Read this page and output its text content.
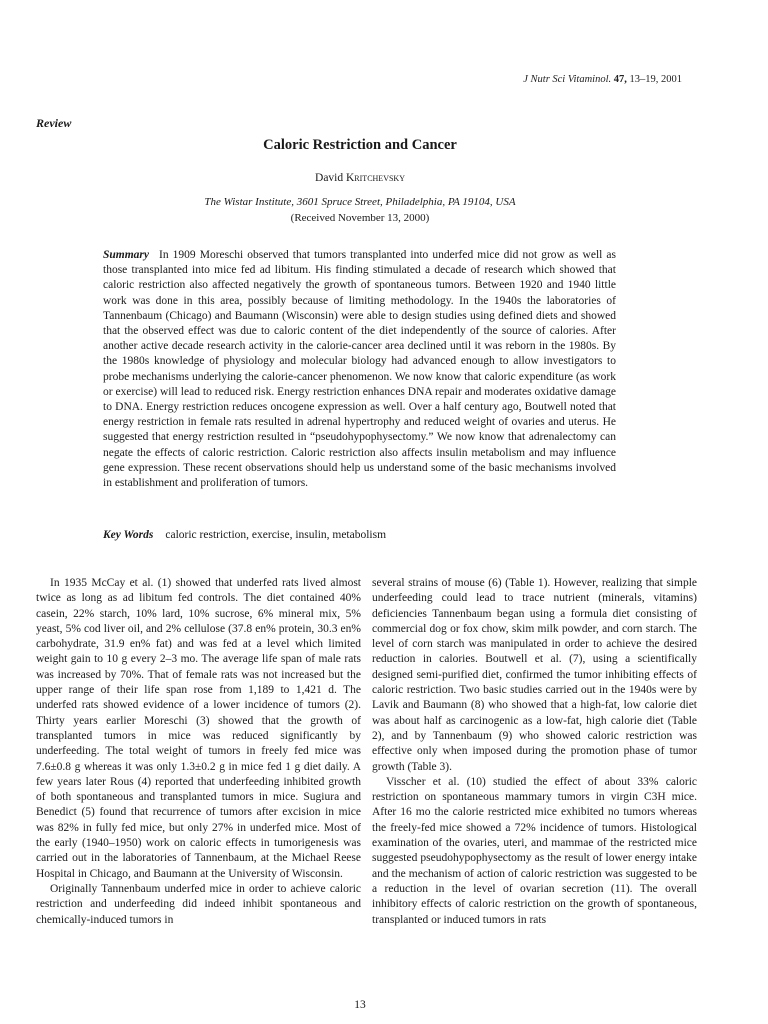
J Nutr Sci Vitaminol. 47, 13–19, 2001
Review
Caloric Restriction and Cancer
David Kritchevsky
The Wistar Institute, 3601 Spruce Street, Philadelphia, PA 19104, USA
(Received November 13, 2000)
Summary In 1909 Moreschi observed that tumors transplanted into underfed mice did not grow as well as those transplanted into mice fed ad libitum. His finding stimulated a decade of research which showed that caloric restriction also affected negatively the growth of spontaneous tumors. Between 1920 and 1940 little work was done in this area, possibly because of limiting methodology. In the 1940s the laboratories of Tannenbaum (Chicago) and Baumann (Wisconsin) were able to design studies using defined diets and showed that the observed effect was due to caloric content of the diet independently of the source of calories. After another active decade research activity in the calorie-cancer area declined until it was reborn in the 1980s. By the 1980s knowledge of physiology and molecular biology had advanced enough to allow investigators to probe mechanisms underlying the calorie-cancer phenomenon. We now know that caloric expenditure (as work or exercise) will lead to reduced risk. Energy restriction enhances DNA repair and moderates oxidative damage to DNA. Energy restriction reduces oncogene expression as well. Over a half century ago, Boutwell noted that energy restriction in female rats resulted in adrenal hypertrophy and reduced weight of ovaries and uterus. He suggested that energy restriction resulted in “pseudohypophysectomy.” We now know that adrenalectomy can negate the effects of caloric restriction. Caloric restriction also affects insulin metabolism and may influence gene expression. These recent observations should help us understand some of the basic mechanisms involved in establishment and proliferation of tumors.
Key Words caloric restriction, exercise, insulin, metabolism

In 1935 McCay et al. (1) showed that underfed rats lived almost twice as long as ad libitum fed controls. The diet contained 40% casein, 22% starch, 10% lard, 10% sucrose, 6% mineral mix, 5% yeast, 5% cod liver oil, and 2% cellulose (37.8 en% protein, 30.3 en% carbohydrate, 31.9 en% fat) and was fed at a level which limited weight gain to 10 g every 2–3 mo. The average life span of male rats was increased by 70%. That of female rats was not increased but the upper range of their life span rose from 1,189 to 1,421 d. The underfed rats showed evidence of a lower incidence of tumors (2). Thirty years earlier Moreschi (3) showed that the growth of transplanted tumors in mice was reduced significantly by underfeeding. The total weight of tumors in freely fed mice was 7.6±0.8 g whereas it was only 1.3±0.2 g in mice fed 1 g diet daily. A few years later Rous (4) reported that underfeeding inhibited growth of both spontaneous and transplanted tumors in mice. Sugiura and Benedict (5) found that recurrence of tumors after excision in mice was 82% in fully fed mice, but only 27% in underfed mice. Most of the early (1940–1950) work on caloric effects in tumorigenesis was carried out in the laboratories of Tannenbaum, at the Michael Reese Hospital in Chicago, and Baumann at the University of Wisconsin.

Originally Tannenbaum underfed mice in order to achieve caloric restriction and underfeeding did indeed inhibit spontaneous and chemically-induced tumors in

several strains of mouse (6) (Table 1). However, realizing that simple underfeeding could lead to trace nutrient (minerals, vitamins) deficiencies Tannenbaum began using a formula diet consisting of commercial dog or fox chow, skim milk powder, and corn starch. The level of corn starch was manipulated in order to achieve the desired reduction in calories. Boutwell et al. (7), using a scientifically designed semi-purified diet, confirmed the tumor inhibiting effects of caloric restriction. Two basic studies carried out in the 1940s were by Lavik and Baumann (8) who showed that a high-fat, low calorie diet was about half as carcinogenic as a low-fat, high calorie diet (Table 2), and by Tannenbaum (9) who showed caloric restriction was effective only when imposed during the promotion phase of tumor growth (Table 3).

Visscher et al. (10) studied the effect of about 33% caloric restriction on spontaneous mammary tumors in virgin C3H mice. After 16 mo the calorie restricted mice exhibited no tumors whereas the freely-fed mice showed a 72% incidence of tumors. Histological examination of the ovaries, uteri, and mammae of the restricted mice suggested pseudohypophysectomy as the result of lower energy intake and the mechanism of action of caloric restriction was suggested to be a reduction in the level of ovarian secretion (11). The overall inhibitory effects of caloric restriction on the growth of spontaneous, transplanted or induced tumors in rats

13
